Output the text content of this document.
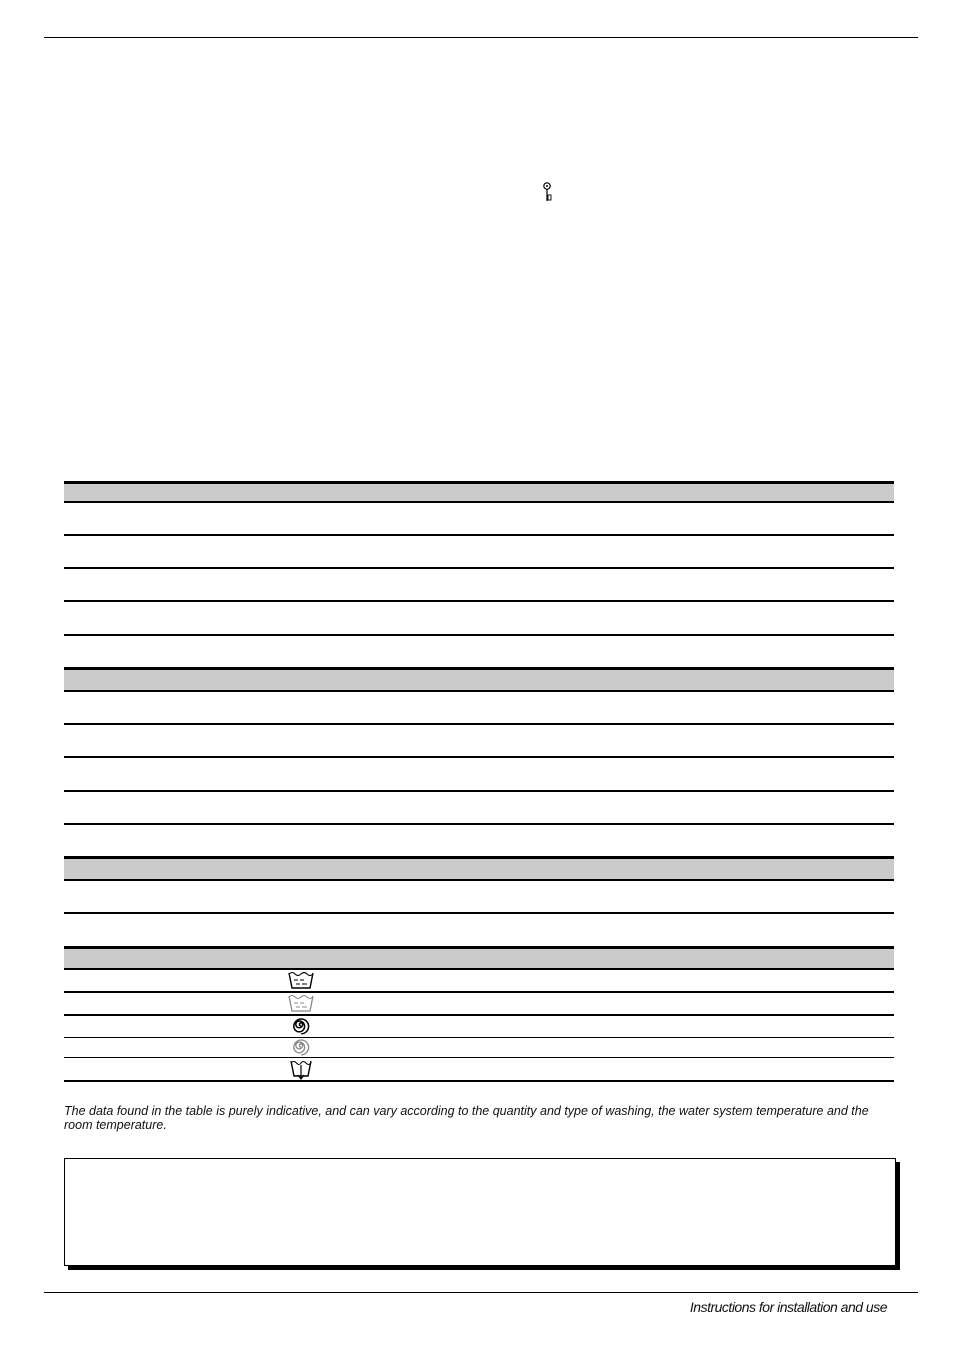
The data found in the table is purely indicative, and can vary according to the quantity and type of washing, the water system temperature and the room temperature.
Instructions for installation and use
